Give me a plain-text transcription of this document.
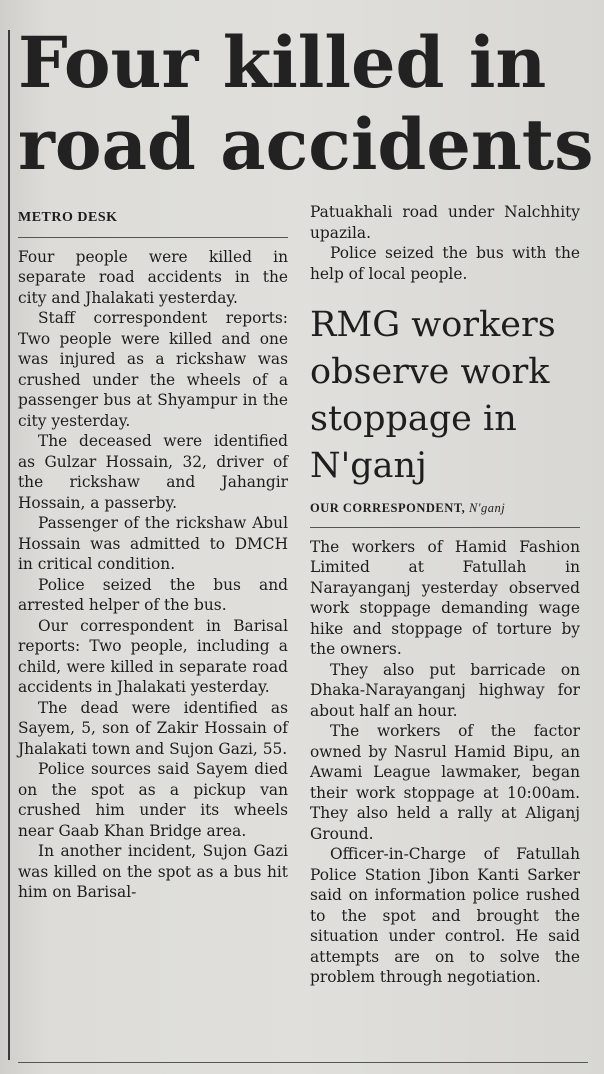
Four killed in
road accidents
METRO DESK

Four people were killed in separate road accidents in the city and Jhalakati yesterday.

Staff correspondent reports: Two people were killed and one was injured as a rickshaw was crushed under the wheels of a passenger bus at Shyampur in the city yesterday.

The deceased were identified as Gulzar Hossain, 32, driver of the rickshaw and Jahangir Hossain, a passerby.

Passenger of the rickshaw Abul Hossain was admitted to DMCH in critical condition.

Police seized the bus and arrested helper of the bus.

Our correspondent in Barisal reports: Two people, including a child, were killed in separate road accidents in Jhalakati yesterday.

The dead were identified as Sayem, 5, son of Zakir Hossain of Jhalakati town and Sujon Gazi, 55.

Police sources said Sayem died on the spot as a pickup van crushed him under its wheels near Gaab Khan Bridge area.

In another incident, Sujon Gazi was killed on the spot as a bus hit him on Barisal-

Patuakhali road under Nalchhity upazila.

Police seized the bus with the help of local people.

RMG workers
observe work
stoppage in
N'ganj
OUR CORRESPONDENT, N'ganj

The workers of Hamid Fashion Limited at Fatullah in Narayanganj yesterday observed work stoppage demanding wage hike and stoppage of torture by the owners.

They also put barricade on Dhaka-Narayanganj highway for about half an hour.

The workers of the factor owned by Nasrul Hamid Bipu, an Awami League lawmaker, began their work stoppage at 10:00am. They also held a rally at Aliganj Ground.

Officer-in-Charge of Fatullah Police Station Jibon Kanti Sarker said on information police rushed to the spot and brought the situation under control. He said attempts are on to solve the problem through negotiation.
